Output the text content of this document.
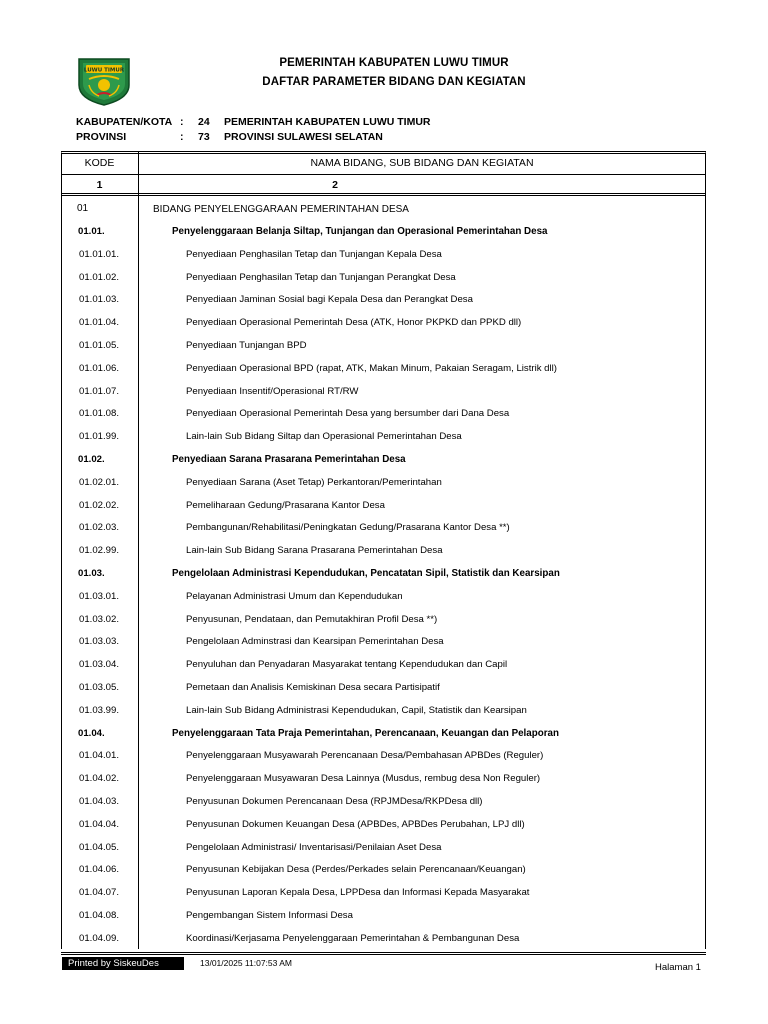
LUWU TIMUR
PEMERINTAH KABUPATEN LUWU TIMUR
DAFTAR PARAMETER BIDANG DAN KEGIATAN
KABUPATEN/KOTA : 24 PEMERINTAH KABUPATEN LUWU TIMUR
PROVINSI	: 73 PROVINSI SULAWESI SELATAN
KODE	NAMA BIDANG, SUB BIDANG DAN KEGIATAN
1	2
01	BIDANG PENYELENGGARAAN PEMERINTAHAN DESA
01.01.	Penyelenggaraan Belanja Siltap, Tunjangan dan Operasional Pemerintahan Desa
01.01.01.	Penyediaan Penghasilan Tetap dan Tunjangan Kepala Desa
01.01.02.	Penyediaan Penghasilan Tetap dan Tunjangan Perangkat Desa
01.01.03.	Penyediaan Jaminan Sosial bagi Kepala Desa dan Perangkat Desa
01.01.04.	Penyediaan Operasional Pemerintah Desa (ATK, Honor PKPKD dan PPKD dll)
01.01.05.	Penyediaan Tunjangan BPD
01.01.06.	Penyediaan Operasional BPD (rapat, ATK, Makan Minum, Pakaian Seragam, Listrik dll)
01.01.07.	Penyediaan Insentif/Operasional RT/RW
01.01.08.	Penyediaan Operasional Pemerintah Desa yang bersumber dari Dana Desa
01.01.99.	Lain-lain Sub Bidang Siltap dan Operasional Pemerintahan Desa
01.02.	Penyediaan Sarana Prasarana Pemerintahan Desa
01.02.01.	Penyediaan Sarana (Aset Tetap) Perkantoran/Pemerintahan
01.02.02.	Pemeliharaan Gedung/Prasarana Kantor Desa
01.02.03.	Pembangunan/Rehabilitasi/Peningkatan Gedung/Prasarana Kantor Desa **)
01.02.99.	Lain-lain Sub Bidang Sarana Prasarana Pemerintahan Desa
01.03.	Pengelolaan Administrasi Kependudukan, Pencatatan Sipil, Statistik dan Kearsipan
01.03.01.	Pelayanan Administrasi Umum dan Kependudukan
01.03.02.	Penyusunan, Pendataan, dan Pemutakhiran Profil Desa **)
01.03.03.	Pengelolaan Adminstrasi dan Kearsipan Pemerintahan Desa
01.03.04.	Penyuluhan dan Penyadaran Masyarakat tentang Kependudukan dan Capil
01.03.05.	Pemetaan dan Analisis Kemiskinan Desa secara Partisipatif
01.03.99.	Lain-lain Sub Bidang Administrasi Kependudukan, Capil, Statistik dan Kearsipan
01.04.	Penyelenggaraan Tata Praja Pemerintahan, Perencanaan, Keuangan dan Pelaporan
01.04.01.	Penyelenggaraan Musyawarah Perencanaan Desa/Pembahasan APBDes (Reguler)
01.04.02.	Penyelenggaraan Musyawaran Desa Lainnya (Musdus, rembug desa Non Reguler)
01.04.03.	Penyusunan Dokumen Perencanaan Desa (RPJMDesa/RKPDesa dll)
01.04.04.	Penyusunan Dokumen Keuangan Desa (APBDes, APBDes Perubahan, LPJ dll)
01.04.05.	Pengelolaan Administrasi/ Inventarisasi/Penilaian Aset Desa
01.04.06.	Penyusunan Kebijakan Desa (Perdes/Perkades selain Perencanaan/Keuangan)
01.04.07.	Penyusunan Laporan Kepala Desa, LPPDesa dan Informasi Kepada Masyarakat
01.04.08.	Pengembangan Sistem Informasi Desa
01.04.09.	Koordinasi/Kerjasama Penyelenggaraan Pemerintahan & Pembangunan Desa
Printed by SiskeuDes	13/01/2025 11:07:53 AM	Halaman 1
